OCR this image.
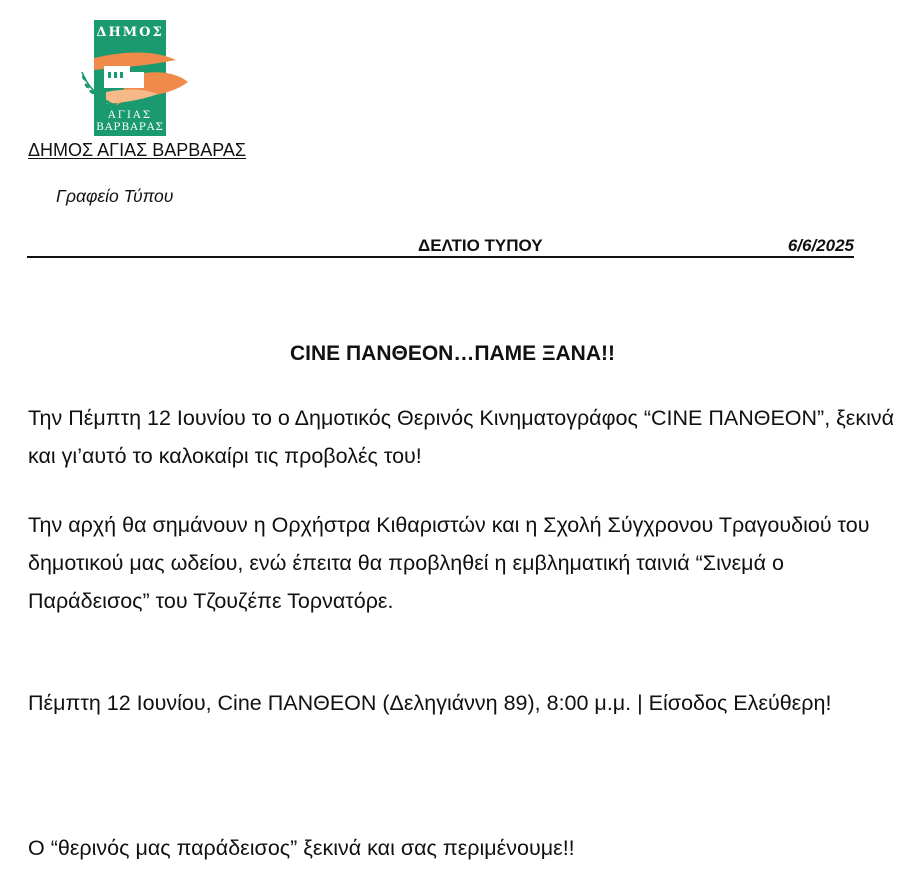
ΔΗΜΟΣ
ΑΓΙΑΣ
ΒΑΡΒΑΡΑΣ
ΔΗΜΟΣ ΑΓΙΑΣ ΒΑΡΒΑΡΑΣ
Γραφείο Τύπου
ΔΕΛΤΙΟ ΤΥΠΟΥ	6/6/2025
CINE ΠΑΝΘΕΟΝ…ΠΑΜΕ ΞΑΝΑ!!

Την Πέμπτη 12 Ιουνίου το ο Δημοτικός Θερινός Κινηματογράφος “CINE ΠΑΝΘΕΟΝ”, ξεκινά και γι’αυτό το καλοκαίρι τις προβολές του!

Την αρχή θα σημάνουν η Ορχήστρα Κιθαριστών και η Σχολή Σύγχρονου Τραγουδιού του δημοτικού μας ωδείου, ενώ έπειτα θα προβληθεί η εμβληματική ταινιά “Σινεμά ο Παράδεισος” του Τζουζέπε Τορνατόρε.

Πέμπτη 12 Ιουνίου, Cine ΠΑΝΘΕΟΝ (Δεληγιάννη 89), 8:00 μ.μ. | Είσοδος Ελεύθερη!

Ο “θερινός μας παράδεισος” ξεκινά και σας περιμένουμε!!
